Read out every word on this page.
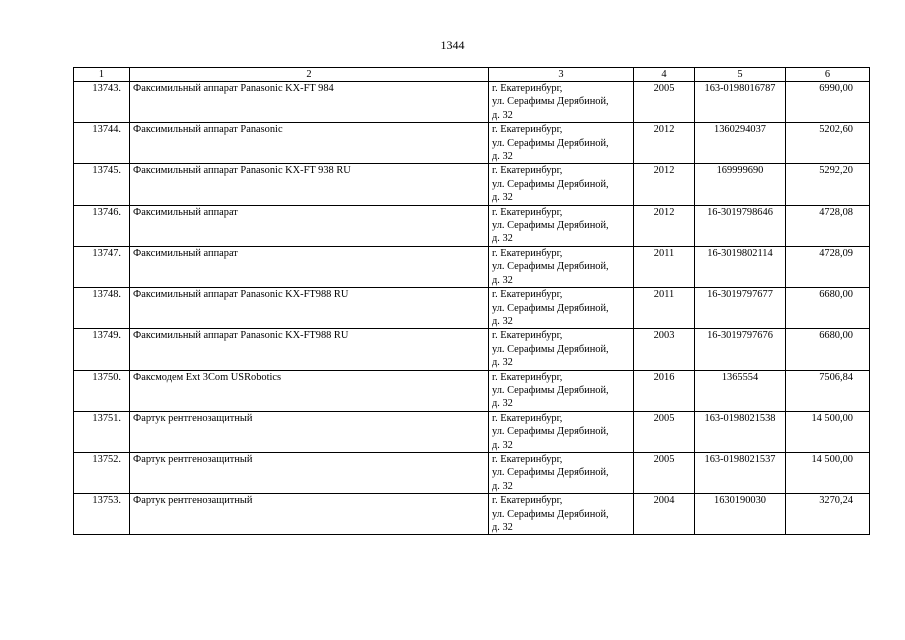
1344
1	2	3	4	5	6
13743.	Факсимильный аппарат Panasonic KX-FT 984	г. Екатеринбург,
ул. Серафимы Дерябиной,
д. 32	2005	163-0198016787	6990,00
13744.	Факсимильный аппарат Panasonic	г. Екатеринбург,
ул. Серафимы Дерябиной,
д. 32	2012	1360294037	5202,60
13745.	Факсимильный аппарат Panasonic KX-FT 938 RU	г. Екатеринбург,
ул. Серафимы Дерябиной,
д. 32	2012	169999690	5292,20
13746.	Факсимильный аппарат	г. Екатеринбург,
ул. Серафимы Дерябиной,
д. 32	2012	16-3019798646	4728,08
13747.	Факсимильный аппарат	г. Екатеринбург,
ул. Серафимы Дерябиной,
д. 32	2011	16-3019802114	4728,09
13748.	Факсимильный аппарат Panasonic KX-FT988 RU	г. Екатеринбург,
ул. Серафимы Дерябиной,
д. 32	2011	16-3019797677	6680,00
13749.	Факсимильный аппарат Panasonic KX-FT988 RU	г. Екатеринбург,
ул. Серафимы Дерябиной,
д. 32	2003	16-3019797676	6680,00
13750.	Факсмодем Ext 3Com USRobotics	г. Екатеринбург,
ул. Серафимы Дерябиной,
д. 32	2016	1365554	7506,84
13751.	Фартук рентгенозащитный	г. Екатеринбург,
ул. Серафимы Дерябиной,
д. 32	2005	163-0198021538	14 500,00
13752.	Фартук рентгенозащитный	г. Екатеринбург,
ул. Серафимы Дерябиной,
д. 32	2005	163-0198021537	14 500,00
13753.	Фартук рентгенозащитный	г. Екатеринбург,
ул. Серафимы Дерябиной,
д. 32	2004	1630190030	3270,24
